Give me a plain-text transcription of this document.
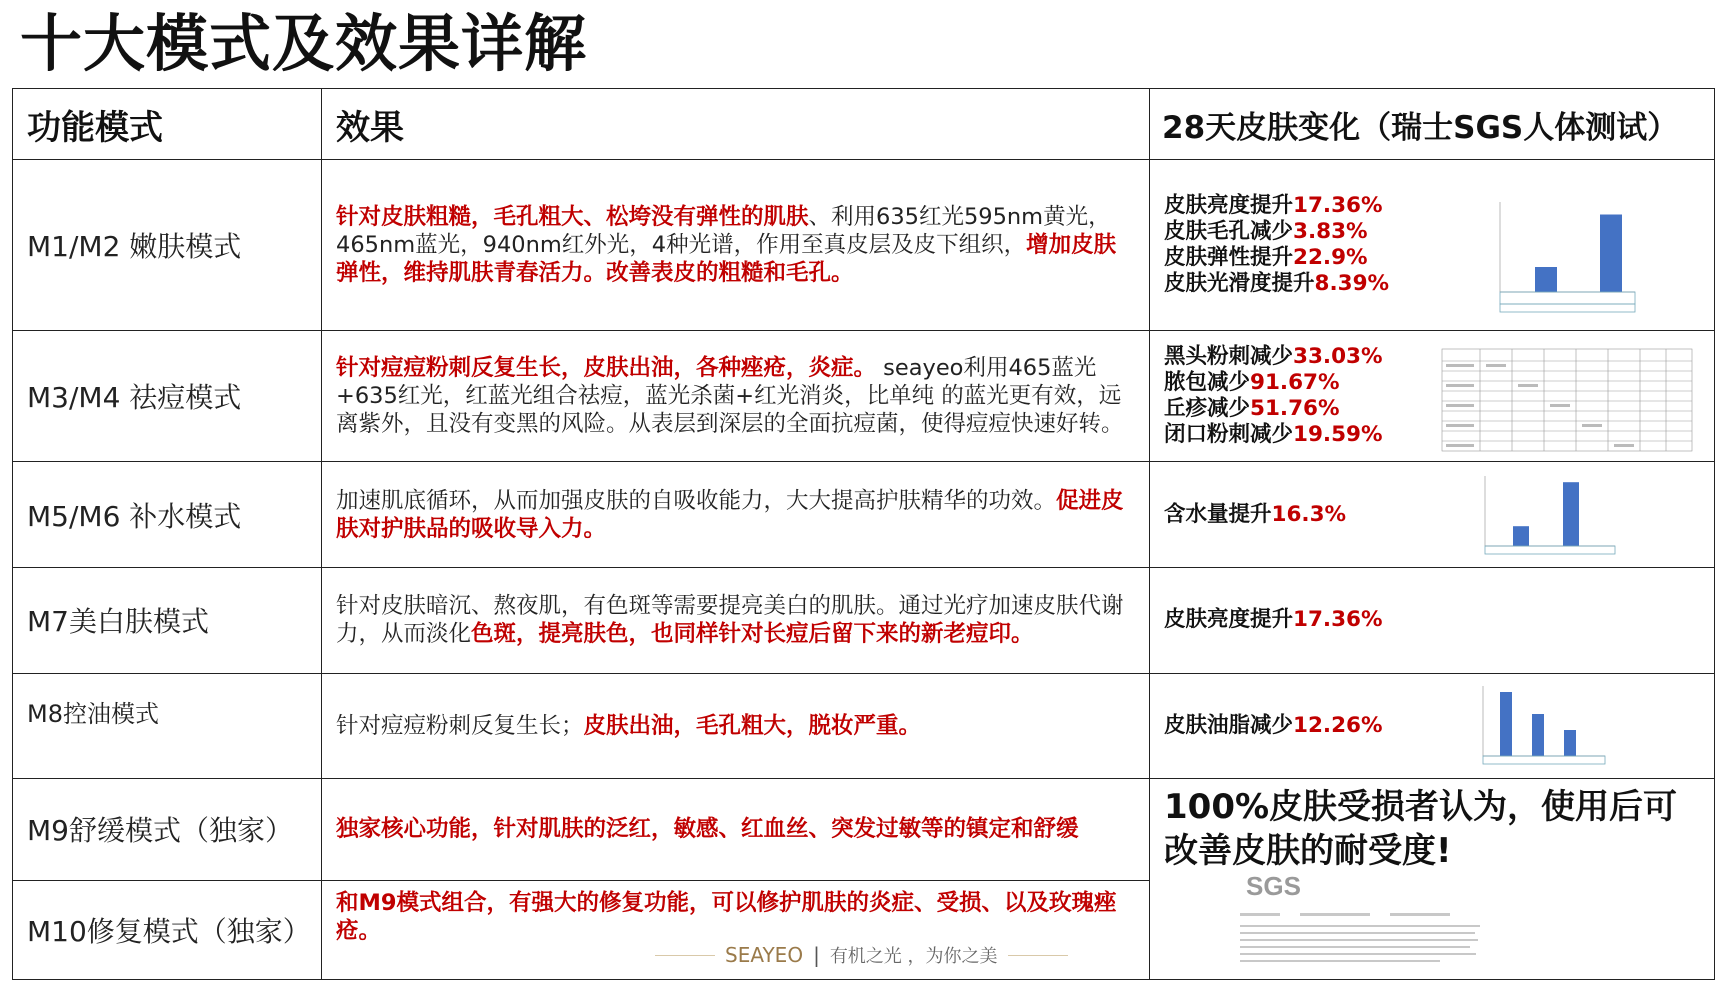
十大模式及效果详解
功能模式	效果	28天皮肤变化（瑞士SGS人体测试）
M1/M2 嫩肤模式	针对皮肤粗糙，毛孔粗大、松垮没有弹性的肌肤、利用635红光595nm黄光，465nm蓝光，940nm红外光，4种光谱，作用至真皮层及皮下组织，增加皮肤弹性，维持肌肤青春活力。改善表皮的粗糙和毛孔。	皮肤亮度提升17.36%
皮肤毛孔减少3.83%
皮肤弹性提升22.9%
皮肤光滑度提升8.39%

M3/M4 祛痘模式	针对痘痘粉刺反复生长，皮肤出油，各种痤疮，炎症。 seayeo利用465蓝光+635红光，红蓝光组合祛痘，蓝光杀菌+红光消炎，比单纯 的蓝光更有效，远离紫外，且没有变黑的风险。从表层到深层的全面抗痘菌，使得痘痘快速好转。	黑头粉刺减少33.03%
脓包减少91.67%
丘疹减少51.76%
闭口粉刺减少19.59%

M5/M6 补水模式	加速肌底循环，从而加强皮肤的自吸收能力，大大提高护肤精华的功效。促进皮肤对护肤品的吸收导入力。	含水量提升16.3%

M7美白肤模式	针对皮肤暗沉、熬夜肌，有色斑等需要提亮美白的肌肤。通过光疗加速皮肤代谢力，从而淡化色斑，提亮肤色，也同样针对长痘后留下来的新老痘印。	皮肤亮度提升17.36%

M8控油模式	针对痘痘粉刺反复生长；皮肤出油，毛孔粗大，脱妆严重。	皮肤油脂减少12.26%

M9舒缓模式（独家）	独家核心功能，针对肌肤的泛红，敏感、红血丝、突发过敏等的镇定和舒缓	100%皮肤受损者认为，使用后可改善皮肤的耐受度!
SGS

M10修复模式（独家）	和M9模式组合，有强大的修复功能，可以修护肌肤的炎症、受损、以及玫瑰痤疮。	
SEAYEO | 有机之光 ，为你之美
